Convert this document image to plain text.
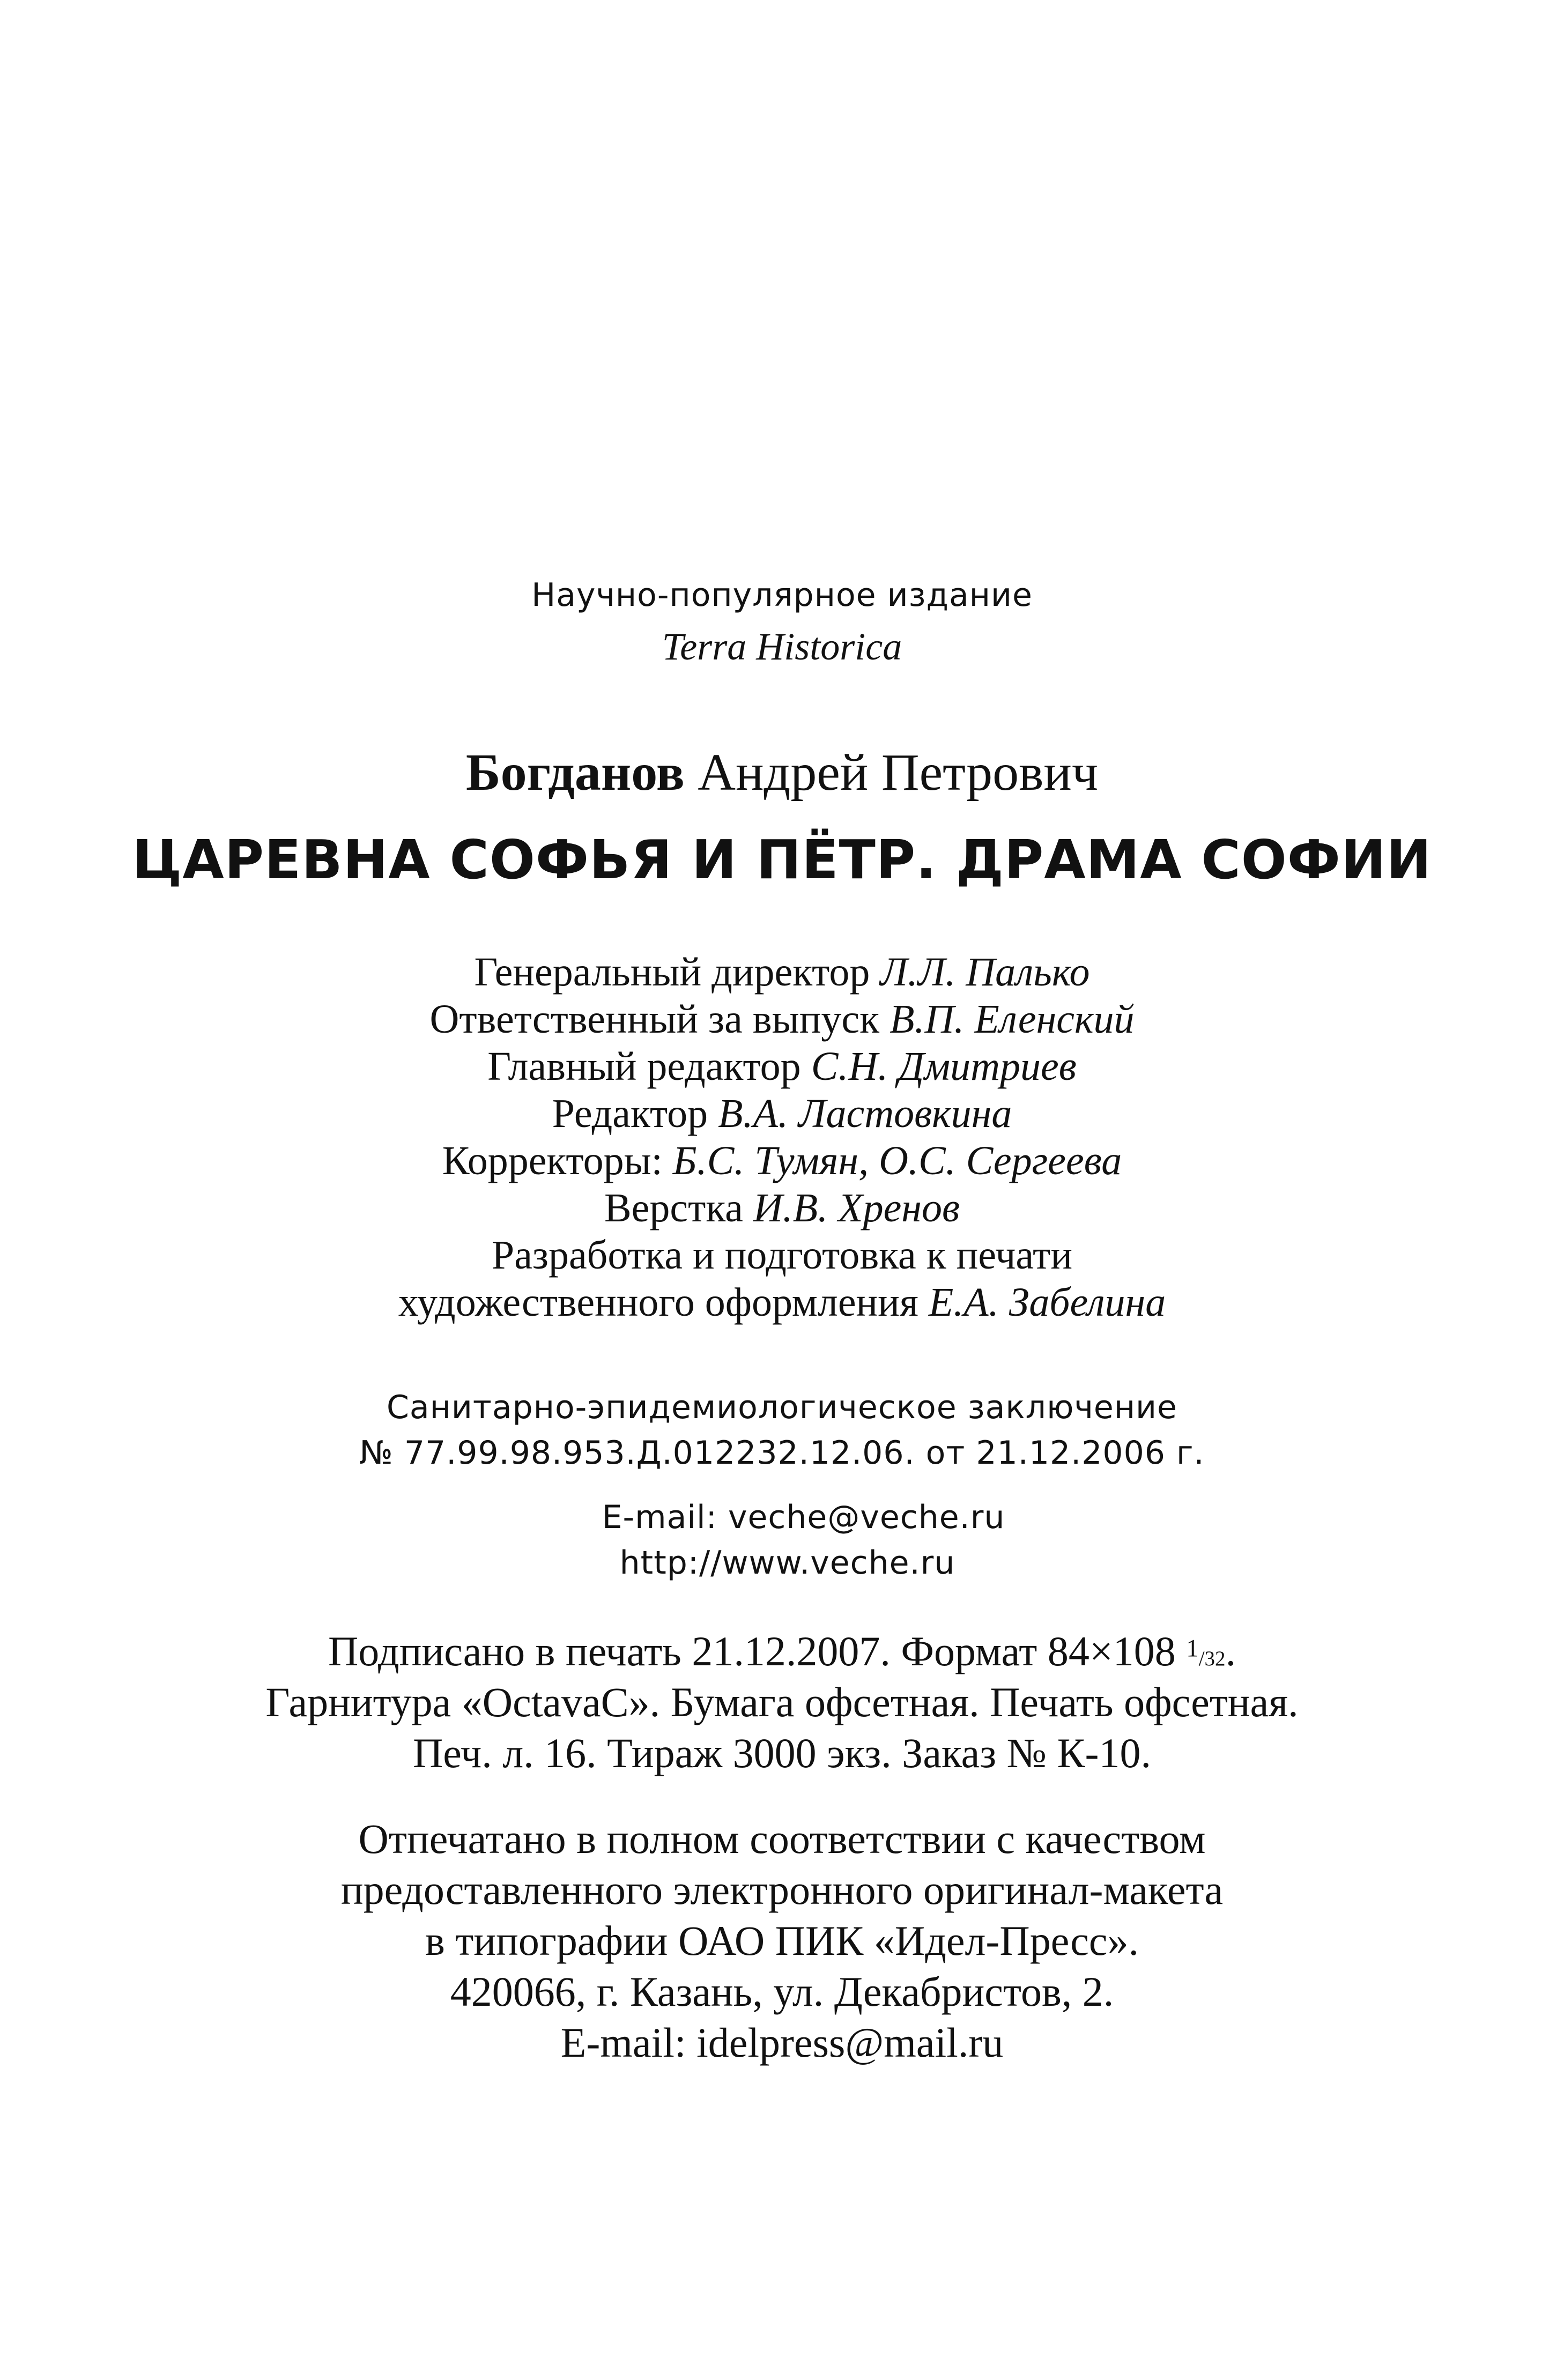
Научно-популярное издание
Terra Historica
Богданов Андрей Петрович
ЦАРЕВНА СОФЬЯ И ПЁТР. ДРАМА СОФИИ
Генеральный директор Л.Л. Палько
Ответственный за выпуск В.П. Еленский
Главный редактор С.Н. Дмитриев
Редактор В.А. Ластовкина
Корректоры: Б.С. Тумян, О.С. Сергеева
Верстка И.В. Хренов
Разработка и подготовка к печати
художественного оформления Е.А. Забелина
Санитарно-эпидемиологическое заключение
№ 77.99.98.953.Д.012232.12.06. от 21.12.2006 г.
E-mail: veche@veche.ru
http://www.veche.ru
Подписано в печать 21.12.2007. Формат 84×108 $^1$/32.
Гарнитура «OctavaC». Бумага офсетная. Печать офсетная.
Печ. л. 16. Тираж 3000 экз. Заказ № К-10.
Отпечатано в полном соответствии с качеством
предоставленного электронного оригинал-макета
в типографии ОАО ПИК «Идел-Пресс».
420066, г. Казань, ул. Декабристов, 2.
E-mail: idelpress@mail.ru
